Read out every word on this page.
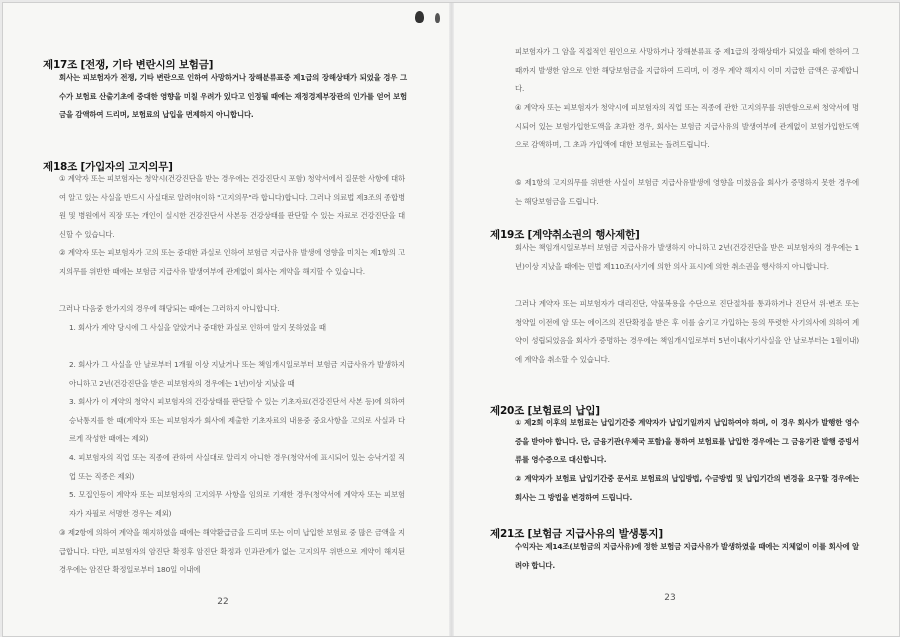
제17조 [전쟁, 기타 변란시의 보험금]
회사는 피보험자가 전쟁, 기타 변란으로 인하여 사망하거나 장해분류표중 제1급의 장해상태가 되었을 경우 그 수가 보험료 산출기초에 중대한 영향을 미칠 우려가 있다고 인정될 때에는 재정경제부장관의 인가를 얻어 보험금을 감액하여 드리며, 보험료의 납입을 면제하지 아니합니다.
제18조 [가입자의 고지의무]
① 계약자 또는 피보험자는 청약시(건강진단을 받는 경우에는 건강진단시 포함) 청약서에서 질문한 사항에 대하여 알고 있는 사실을 반드시 사실대로 알려야(이하 "고지의무"라 합니다)합니다. 그러나 의료법 제3조의 종합병원 및 병원에서 직장 또는 개인이 실시한 건강진단서 사본등 건강상태를 판단할 수 있는 자료로 건강진단을 대신할 수 있습니다.
② 계약자 또는 피보험자가 고의 또는 중대한 과실로 인하여 보험금 지급사유 발생에 영향을 미치는 제1항의 고지의무를 위반한 때에는 보험금 지급사유 발생여부에 관계없이 회사는 계약을 해지할 수 있습니다.
그러나 다음중 한가지의 경우에 해당되는 때에는 그러하지 아니합니다.
1. 회사가 계약 당시에 그 사실을 알았거나 중대한 과실로 인하여 알지 못하였을 때
2. 회사가 그 사실을 안 날로부터 1개월 이상 지났거나 또는 책임개시일로부터 보험금 지급사유가 발생하지 아니하고 2년(건강진단을 받은 피보험자의 경우에는 1년)이상 지났을 때
3. 회사가 이 계약의 청약시 피보험자의 건강상태를 판단할 수 있는 기초자료(건강진단서 사본 등)에 의하여 승낙통지를 한 때(계약자 또는 피보험자가 회사에 제출한 기초자료의 내용중 중요사항을 고의로 사실과 다르게 작성한 때에는 제외)
4. 피보험자의 직업 또는 직종에 관하여 사실대로 알리지 아니한 경우(청약서에 표시되어 있는 승낙거절 직업 또는 직종은 제외)
5. 모집인등이 계약자 또는 피보험자의 고지의무 사항을 임의로 기재한 경우(청약서에 계약자 또는 피보험자가 자필로 서명한 경우는 제외)
③ 제2항에 의하여 계약을 해지하였을 때에는 해약환급금을 드리며 또는 이미 납입한 보험료 중 많은 금액을 지급합니다. 다만, 피보험자의 암진단 확정후 암진단 확정과 인과관계가 없는 고지의무 위반으로 계약이 해지된 경우에는 암진단 확정일로부터 180일 이내에
22
피보험자가 그 암을 직접적인 원인으로 사망하거나 장해분류표 중 제1급의 장해상태가 되었을 때에 한하여 그때까지 발생한 암으로 인한 해당보험금을 지급하여 드리며, 이 경우 계약 해지시 이미 지급한 금액은 공제합니다.
④ 계약자 또는 피보험자가 청약시에 피보험자의 직업 또는 직종에 관한 고지의무를 위반함으로써 청약서에 명시되어 있는 보험가입한도액을 초과한 경우, 회사는 보험금 지급사유의 발생여부에 관계없이 보험가입한도액으로 감액하며, 그 초과 가입액에 대한 보험료는 돌려드립니다.
⑤ 제1항의 고지의무를 위반한 사실이 보험금 지급사유발생에 영향을 미쳤음을 회사가 증명하지 못한 경우에는 해당보험금을 드립니다.
제19조 [계약취소권의 행사제한]
회사는 책임개시일로부터 보험금 지급사유가 발생하지 아니하고 2년(건강진단을 받은 피보험자의 경우에는 1년)이상 지났을 때에는 민법 제110조(사기에 의한 의사 표시)에 의한 취소권을 행사하지 아니합니다.
그러나 계약자 또는 피보험자가 대리진단, 약물복용을 수단으로 진단절차를 통과하거나 진단서 위·변조 또는 청약일 이전에 암 또는 에이즈의 진단확정을 받은 후 이를 숨기고 가입하는 등의 뚜렷한 사기의사에 의하여 계약이 성립되었음을 회사가 증명하는 경우에는 책임개시일로부터 5년이내(사기사실을 안 날로부터는 1월이내)에 계약을 취소할 수 있습니다.
제20조 [보험료의 납입]
① 제2회 이후의 보험료는 납입기간중 계약자가 납입기일까지 납입하여야 하며, 이 경우 회사가 발행한 영수증을 받아야 합니다. 단, 금융기관(우체국 포함)을 통하여 보험료를 납입한 경우에는 그 금융기관 발행 증빙서류를 영수증으로 대신합니다.
② 계약자가 보험료 납입기간중 문서로 보험료의 납입방법, 수금방법 및 납입기간의 변경을 요구할 경우에는 회사는 그 방법을 변경하여 드립니다.
제21조 [보험금 지급사유의 발생통지]
수익자는 제14조(보험금의 지급사유)에 정한 보험금 지급사유가 발생하였을 때에는 지체없이 이를 회사에 알려야 합니다.
23
